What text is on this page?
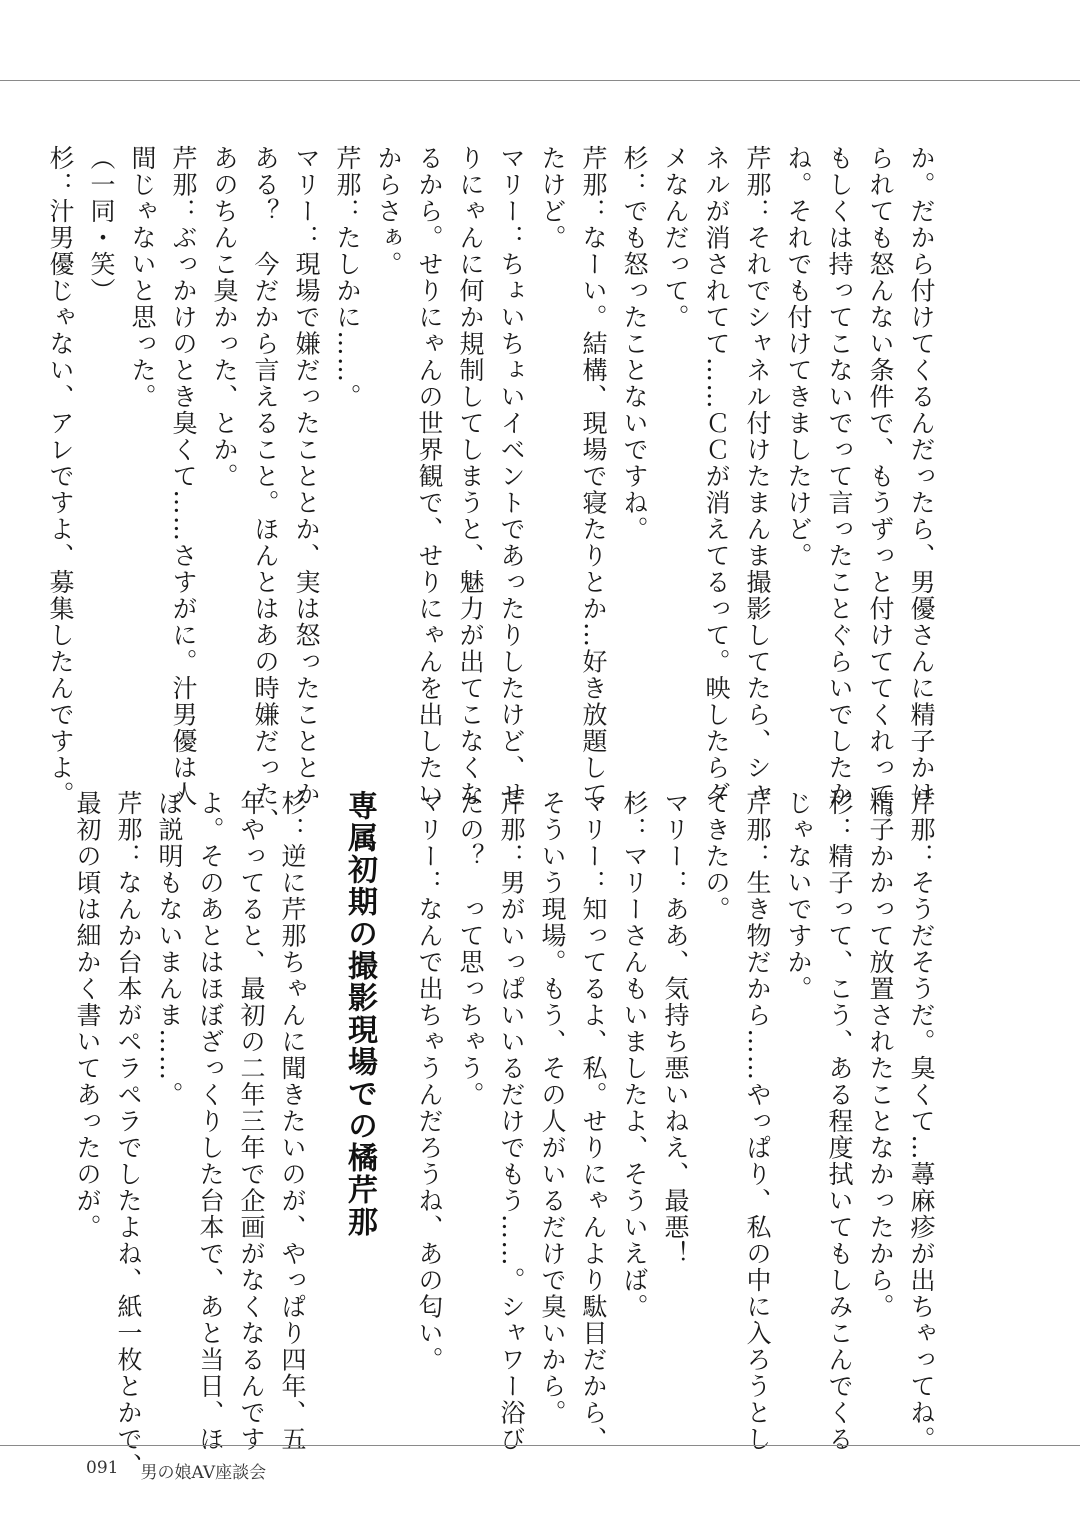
か。だから付けてくるんだったら、男優さんに精子かけ
られても怒んない条件で、もうずっと付けててくれって。
もしくは持ってこないでって言ったことぐらいでしたか
ね。それでも付けてきましたけど。
芹那：それでシャネル付けたまんま撮影してたら、シャ
ネルが消されてて……ＣＣが消えてるって。映したらダ
メなんだって。
杉：でも怒ったことないですね。
芹那：なーい。結構、現場で寝たりとか…好き放題して
たけど。
マリー：ちょいちょいイベントであったりしたけど、せ
りにゃんに何か規制してしまうと、魅力が出てこなくな
るから。せりにゃんの世界観で、せりにゃんを出したい
からさぁ。
芹那：たしかに……。
マリー：現場で嫌だったこととか、実は怒ったこととか
ある？　今だから言えること。ほんとはあの時嫌だった、
あのちんこ臭かった、とか。
芹那：ぶっかけのとき臭くて……さすがに。汁男優は人
間じゃないと思った。
（一同・笑）
杉：汁男優じゃない、アレですよ、募集したんですよ。
芹那：そうだそうだ。臭くて…蕁麻疹が出ちゃってね。
精子かかって放置されたことなかったから。
杉：精子って、こう、ある程度拭いてもしみこんでくる
じゃないですか。
芹那：生き物だから……やっぱり、私の中に入ろうとし
てきたの。
マリー：ああ、気持ち悪いねえ、最悪！
杉：マリーさんもいましたよ、そういえば。
マリー：知ってるよ、私。せりにゃんより駄目だから、
そういう現場。もう、その人がいるだけで臭いから。
芹那：男がいっぱいいるだけでもう……。シャワー浴び
たの？　って思っちゃう。
マリー：なんで出ちゃうんだろうね、あの匂い。
専属初期の撮影現場での橘芹那
杉：逆に芹那ちゃんに聞きたいのが、やっぱり四年、五
年やってると、最初の二年三年で企画がなくなるんです
よ。そのあとはほぼざっくりした台本で、あと当日、ほ
ぼ説明もないまんま……。
芹那：なんか台本がペラペラでしたよね、紙一枚とかで、
最初の頃は細かく書いてあったのが。
091 男の娘AV座談会
